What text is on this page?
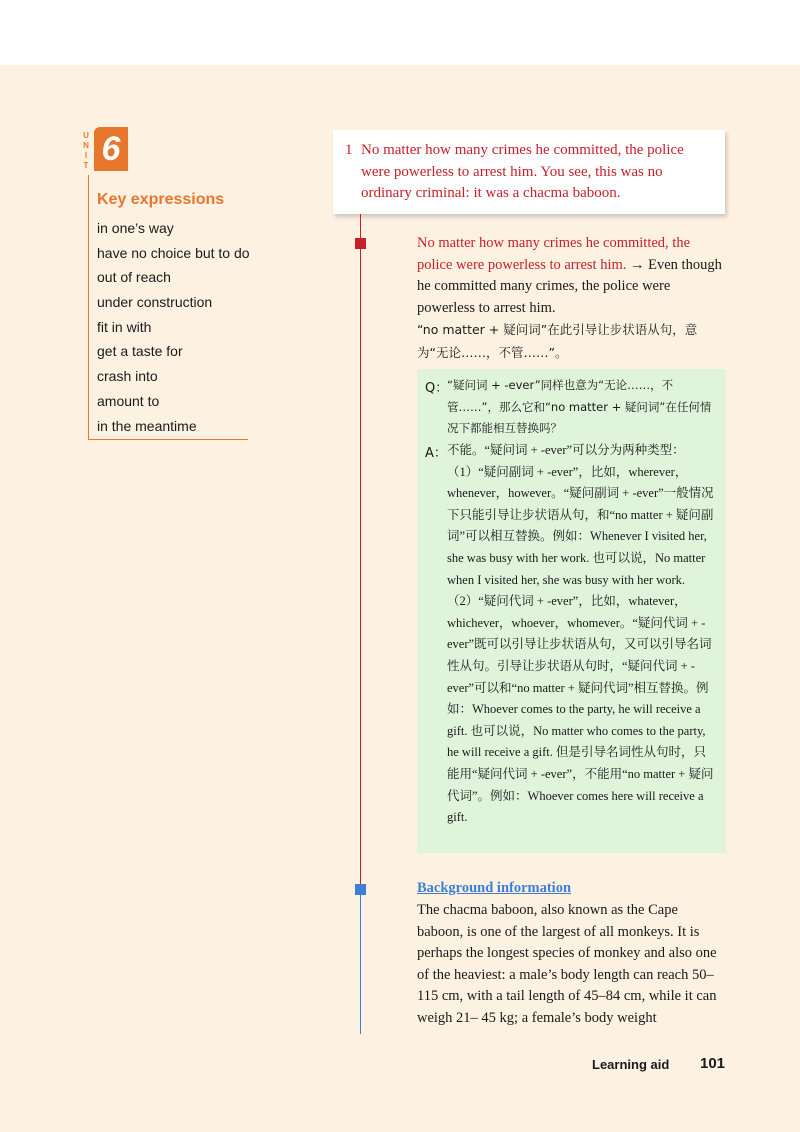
U
N
I
T 6
Key expressions
in one’s way
have no choice but to do
out of reach
under construction
fit in with
get a taste for
crash into
amount to
in the meantime
1 No matter how many crimes he committed, the police were powerless to arrest him. You see, this was no ordinary criminal: it was a chacma baboon.
No matter how many crimes he committed, the police were powerless to arrest him. → Even though he committed many crimes, the police were powerless to arrest him.
“no matter + 疑问词”在此引导让步状语从句，意为“无论……，不管……”。
Q：
“疑问词 + -ever”同样也意为“无论……，不管……”，那么它和“no matter + 疑问词”在任何情况下都能相互替换吗？
A： 不能。“疑问词 + -ever”可以分为两种类型：（1）“疑问副词 + -ever”，比如，wherever，whenever，however。“疑问副词 + -ever”一般情况下只能引导让步状语从句，和“no matter + 疑问副词”可以相互替换。例如：Whenever I visited her, she was busy with her work. 也可以说，No matter when I visited her, she was busy with her work.（2）“疑问代词 + -ever”，比如，whatever，whichever，whoever，whomever。“疑问代词 + -ever”既可以引导让步状语从句，又可以引导名词性从句。引导让步状语从句时，“疑问代词 + -ever”可以和“no matter + 疑问代词”相互替换。例如：Whoever comes to the party, he will receive a gift. 也可以说，No matter who comes to the party, he will receive a gift. 但是引导名词性从句时，只能用“疑问代词 + -ever”，不能用“no matter + 疑问代词”。例如：Whoever comes here will receive a gift.
Background information
The chacma baboon, also known as the Cape baboon, is one of the largest of all monkeys. It is perhaps the longest species of monkey and also one of the heaviest: a male’s body length can reach 50–115 cm, with a tail length of 45–84 cm, while it can weigh 21– 45 kg; a female’s body weight
Learning aid 101
